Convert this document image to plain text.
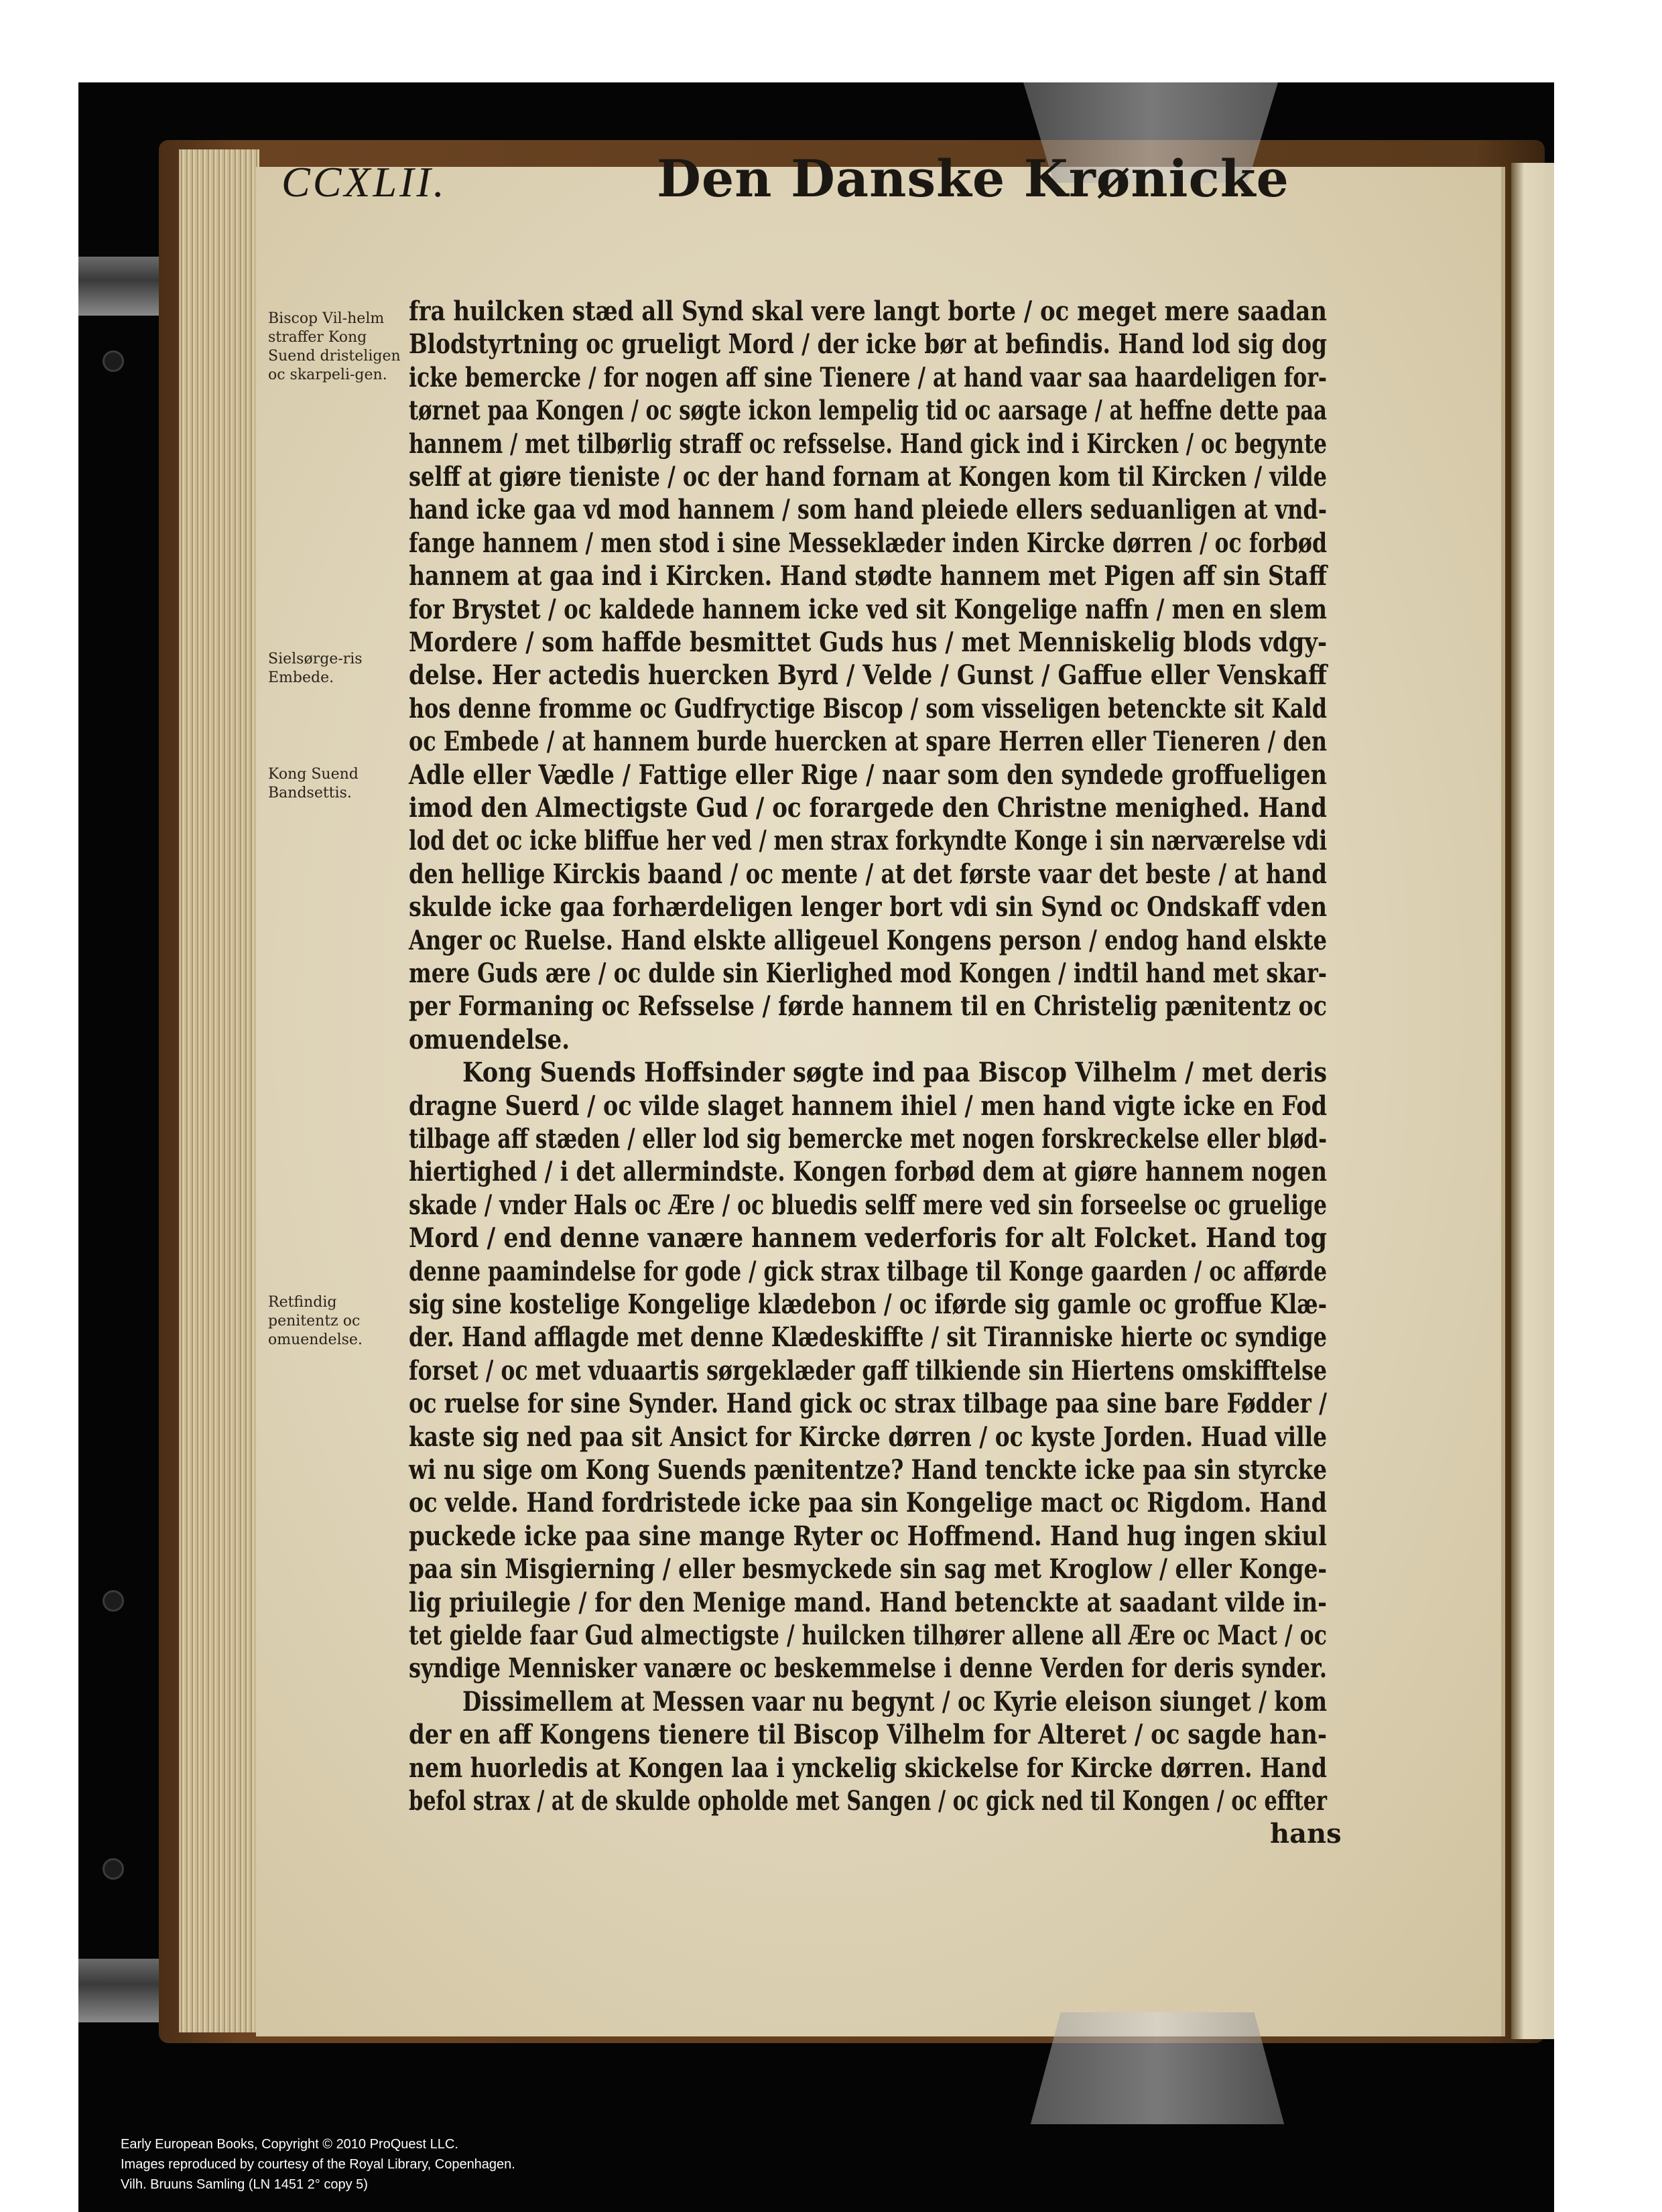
CCXLII.	Den Danske Krønicke
Biscop Vil-helm straffer Kong Suend dristeligen oc skarpeli-gen.
Sielsørge-ris Embede.
Kong Suend Bandsettis.
Retfindig penitentz oc omuendelse.
fra huilcken stæd all Synd skal vere langt borte / oc meget mere saadan
Blodstyrtning oc grueligt Mord / der icke bør at befindis. Hand lod sig dog
icke bemercke / for nogen aff sine Tienere / at hand vaar saa haardeligen for-
tørnet paa Kongen / oc søgte ickon lempelig tid oc aarsage / at heffne dette paa
hannem / met tilbørlig straff oc refsselse. Hand gick ind i Kircken / oc begynte
selff at giøre tieniste / oc der hand fornam at Kongen kom til Kircken / vilde
hand icke gaa vd mod hannem / som hand pleiede ellers seduanligen at vnd-
fange hannem / men stod i sine Messeklæder inden Kircke dørren / oc forbød
hannem at gaa ind i Kircken. Hand stødte hannem met Pigen aff sin Staff
for Brystet / oc kaldede hannem icke ved sit Kongelige naffn / men en slem
Mordere / som haffde besmittet Guds hus / met Menniskelig blods vdgy-
delse. Her actedis huercken Byrd / Velde / Gunst / Gaffue eller Venskaff
hos denne fromme oc Gudfryctige Biscop / som visseligen betenckte sit Kald
oc Embede / at hannem burde huercken at spare Herren eller Tieneren / den
Adle eller Vædle / Fattige eller Rige / naar som den syndede groffueligen
imod den Almectigste Gud / oc forargede den Christne menighed. Hand
lod det oc icke bliffue her ved / men strax forkyndte Konge i sin nærværelse vdi
den hellige Kirckis baand / oc mente / at det første vaar det beste / at hand
skulde icke gaa forhærdeligen lenger bort vdi sin Synd oc Ondskaff vden
Anger oc Ruelse. Hand elskte alligeuel Kongens person / endog hand elskte
mere Guds ære / oc dulde sin Kierlighed mod Kongen / indtil hand met skar-
per Formaning oc Refsselse / førde hannem til en Christelig pænitentz oc
omuendelse.
Kong Suends Hoffsinder søgte ind paa Biscop Vilhelm / met deris
dragne Suerd / oc vilde slaget hannem ihiel / men hand vigte icke en Fod
tilbage aff stæden / eller lod sig bemercke met nogen forskreckelse eller blød-
hiertighed / i det allermindste. Kongen forbød dem at giøre hannem nogen
skade / vnder Hals oc Ære / oc bluedis selff mere ved sin forseelse oc gruelige
Mord / end denne vanære hannem vederforis for alt Folcket. Hand tog
denne paamindelse for gode / gick strax tilbage til Konge gaarden / oc afførde
sig sine kostelige Kongelige klædebon / oc iførde sig gamle oc groffue Klæ-
der. Hand afflagde met denne Klædeskiffte / sit Tiranniske hierte oc syndige
forset / oc met vduaartis sørgeklæder gaff tilkiende sin Hiertens omskifftelse
oc ruelse for sine Synder. Hand gick oc strax tilbage paa sine bare Fødder /
kaste sig ned paa sit Ansict for Kircke dørren / oc kyste Jorden. Huad ville
wi nu sige om Kong Suends pænitentze? Hand tenckte icke paa sin styrcke
oc velde. Hand fordristede icke paa sin Kongelige mact oc Rigdom. Hand
puckede icke paa sine mange Ryter oc Hoffmend. Hand hug ingen skiul
paa sin Misgierning / eller besmyckede sin sag met Kroglow / eller Konge-
lig priuilegie / for den Menige mand. Hand betenckte at saadant vilde in-
tet gielde faar Gud almectigste / huilcken tilhører allene all Ære oc Mact / oc
syndige Mennisker vanære oc beskemmelse i denne Verden for deris synder.
Dissimellem at Messen vaar nu begynt / oc Kyrie eleison siunget / kom
der en aff Kongens tienere til Biscop Vilhelm for Alteret / oc sagde han-
nem huorledis at Kongen laa i ynckelig skickelse for Kircke dørren. Hand
befol strax / at de skulde opholde met Sangen / oc gick ned til Kongen / oc effter
hans
Early European Books, Copyright © 2010 ProQuest LLC.
Images reproduced by courtesy of the Royal Library, Copenhagen.
Vilh. Bruuns Samling (LN 1451 2° copy 5)
